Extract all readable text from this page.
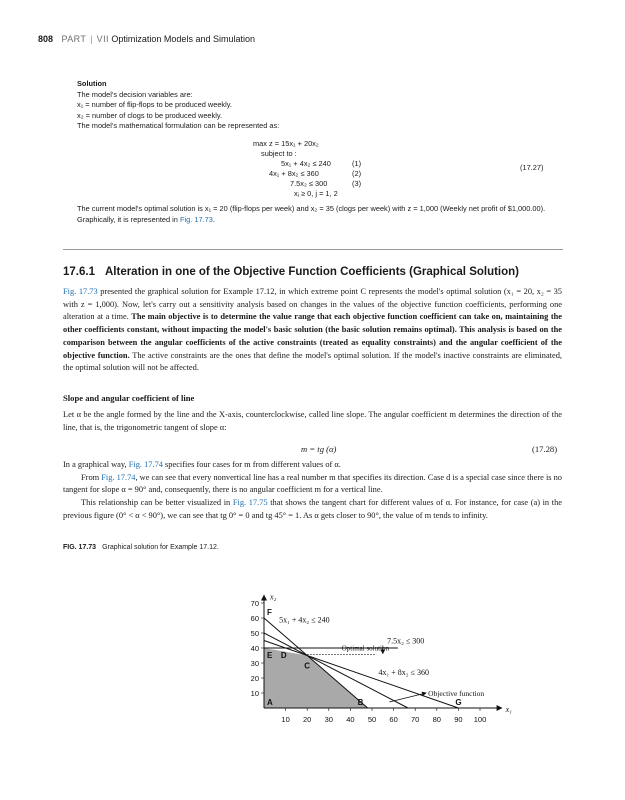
808 PART | VII Optimization Models and Simulation
Solution
The model's decision variables are:
x₁ = number of flip-flops to be produced weekly.
x₂ = number of clogs to be produced weekly.
The model's mathematical formulation can be represented as:
max z = 15x₁ + 20x₂
subject to :
5x₁ + 4x₂ ≤ 240	(1)
4x₁ + 8x₂ ≤ 360	(2)
7.5x₂ ≤ 300	(3)
xⱼ ≥ 0, j = 1, 2
(17.27)
The current model's optimal solution is x₁ = 20 (flip-flops per week) and x₂ = 35 (clogs per week) with z = 1,000 (Weekly net profit of $1,000.00). Graphically, it is represented in Fig. 17.73.
17.6.1 Alteration in one of the Objective Function Coefficients (Graphical Solution)
Fig. 17.73 presented the graphical solution for Example 17.12, in which extreme point C represents the model's optimal solution (x₁ = 20, x₂ = 35 with z = 1,000). Now, let's carry out a sensitivity analysis based on changes in the values of the objective function coefficients, performing one alteration at a time. The main objective is to determine the value range that each objective function coefficient can take on, maintaining the other coefficients constant, without impacting the model's basic solution (the basic solution remains optimal). This analysis is based on the comparison between the angular coefficients of the active constraints (treated as equality constraints) and the angular coefficient of the objective function. The active constraints are the ones that define the model's optimal solution. If the model's inactive constraints are eliminated, the optimal solution will not be affected.
Slope and angular coefficient of line
Let α be the angle formed by the line and the X-axis, counterclockwise, called line slope. The angular coefficient m determines the direction of the line, that is, the trigonometric tangent of slope α:
m = tg (α)	(17.28)
In a graphical way, Fig. 17.74 specifies four cases for m from different values of α.
From Fig. 17.74, we can see that every nonvertical line has a real number m that specifies its direction. Case d is a special case since there is no tangent for slope α = 90° and, consequently, there is no angular coefficient m for a vertical line.
This relationship can be better visualized in Fig. 17.75 that shows the tangent chart for different values of α. For instance, for case (a) in the previous figure (0° < α < 90°), we can see that tg 0° = 0 and tg 45° = 1. As α gets closer to 90°, the value of m tends to infinity.
FIG. 17.73 Graphical solution for Example 17.12.
10 20 30 40 50 60 70 80 90 100
10
20
30
40
50
60
70
x₁
x₂
A	B
C
D
E
F
G
Optimal solution
5x₁ + 4x₂ ≤ 240
7.5x₂ ≤ 300
4x₁ + 8x₂ ≤ 360
Objective function
